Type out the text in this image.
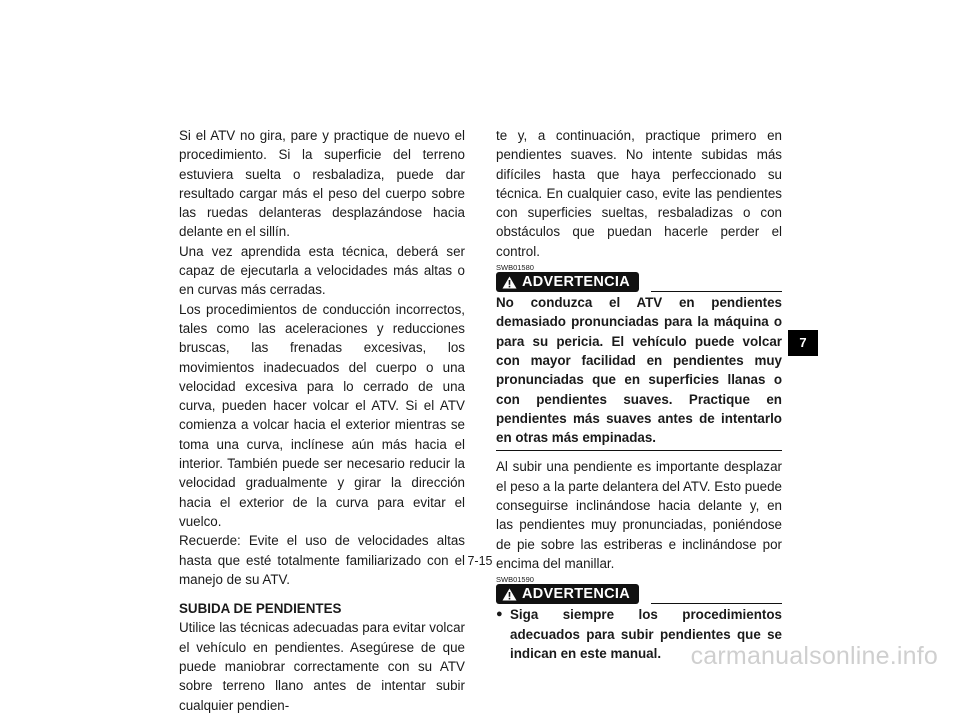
Si el ATV no gira, pare y practique de nuevo el procedimiento. Si la superficie del terreno estuviera suelta o resbaladiza, puede dar resultado cargar más el peso del cuerpo sobre las ruedas delanteras desplazándose hacia delante en el sillín.

Una vez aprendida esta técnica, deberá ser capaz de ejecutarla a velocidades más altas o en curvas más cerradas.

Los procedimientos de conducción incorrectos, tales como las aceleraciones y reducciones bruscas, las frenadas excesivas, los movimientos inadecuados del cuerpo o una velocidad excesiva para lo cerrado de una curva, pueden hacer volcar el ATV. Si el ATV comienza a volcar hacia el exterior mientras se toma una curva, inclínese aún más hacia el interior. También puede ser necesario reducir la velocidad gradualmente y girar la dirección hacia el exterior de la curva para evitar el vuelco.

Recuerde: Evite el uso de velocidades altas hasta que esté totalmente familiarizado con el manejo de su ATV.

SUBIDA DE PENDIENTES

Utilice las técnicas adecuadas para evitar volcar el vehículo en pendientes. Asegúrese de que puede maniobrar correctamente con su ATV sobre terreno llano antes de intentar subir cualquier pendien-

te y, a continuación, practique primero en pendientes suaves. No intente subidas más difíciles hasta que haya perfeccionado su técnica. En cualquier caso, evite las pendientes con superficies sueltas, resbaladizas o con obstáculos que puedan hacerle perder el control.

SWB01580

ADVERTENCIA

No conduzca el ATV en pendientes demasiado pronunciadas para la máquina o para su pericia. El vehículo puede volcar con mayor facilidad en pendientes muy pronunciadas que en superficies llanas o con pendientes suaves. Practique en pendientes más suaves antes de intentarlo en otras más empinadas.

Al subir una pendiente es importante desplazar el peso a la parte delantera del ATV. Esto puede conseguirse inclinándose hacia delante y, en las pendientes muy pronunciadas, poniéndose de pie sobre las estriberas e inclinándose por encima del manillar.

SWB01590

ADVERTENCIA
● Siga siempre los procedimientos adecuados para subir pendientes que se indican en este manual.
7
7-15
carmanualsonline.info
